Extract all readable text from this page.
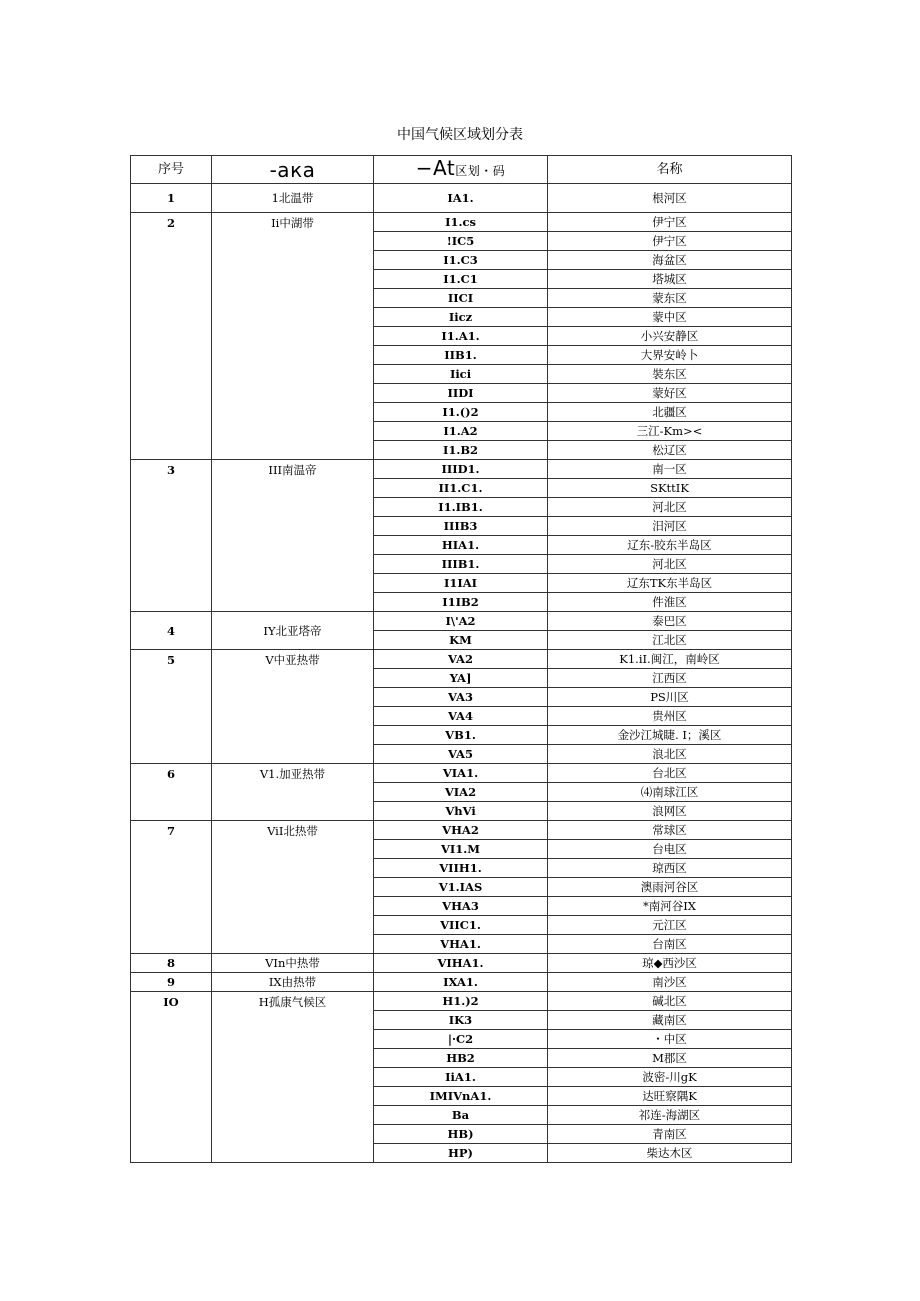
中国气候区域划分表
序号	-aкa	−At区划・码	名称
1	1北温带	IA1.	根河区
2	Ii中湖带	I1.cs	伊宁区
		!IC5	伊宁区
		I1.C3	海盆区
		I1.C1	塔城区
		IICI	蒙东区
		Iicz	蒙中区
		I1.A1.	小兴安静区
		IIB1.	大界安岭卜
		Iici	裝东区
		IIDI	蒙好区
		I1.()2	北疆区
		I1.A2	三江-Km><
		I1.B2	松辽区
3	III南温帝	IIID1.	南一区
		II1.C1.	SKttIK
		I1.IB1.	河北区
		IIIB3	汨河区
		HIA1.	辽东-胶东半岛区
		IIIB1.	河北区
		I1IAI	辽东TK东半岛区
		I1IB2	件淮区
4	IY北亚塔帝	I\'A2	泰巴区
		KM	江北区
5	V中亚热带	VA2	K1.iI.闽江，南岭区
		YA]	江西区
		VA3	PS川区
		VA4	贵州区
		VB1.	金沙江城睫. I；溪区
		VA5	浪北区
6	V1.加亚热带	VIA1.	台北区
		VIA2	⑷南球江区
		VhVi	浪网区
7	ViI北热带	VHA2	常球区
		VI1.M	台电区
		VIIH1.	琼西区
		V1.IAS	澳雨河谷区
		VHA3	*南河谷IX
		VIIC1.	元江区
		VHA1.	台南区
8	VIn中热带	VIHA1.	琼◆西沙区
9	IX由热带	IXA1.	南沙区
IO	H孤康气候区	H1.)2	碱北区
		IK3	藏南区
		|·C2	・中区
		HB2	M郡区
		IiA1.	波密-川gK
		IMIVnA1.	达旺察隅K
		Ba	祁连-海湖区
		HB)	青南区
		HP)	柴达木区
